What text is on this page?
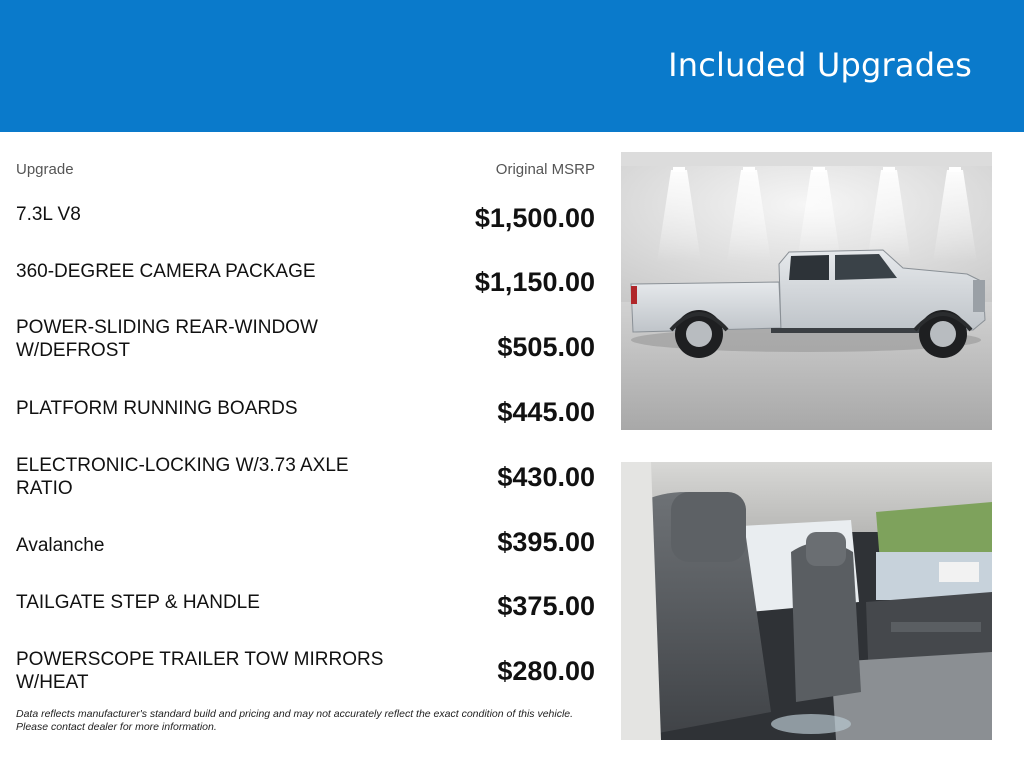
Included Upgrades
Upgrade	Original MSRP
7.3L V8	$1,500.00
360-DEGREE CAMERA PACKAGE	$1,150.00
POWER-SLIDING REAR-WINDOW W/DEFROST	$505.00
PLATFORM RUNNING BOARDS	$445.00
ELECTRONIC-LOCKING W/3.73 AXLE RATIO	$430.00
Avalanche	$395.00
TAILGATE STEP & HANDLE	$375.00
POWERSCOPE TRAILER TOW MIRRORS W/HEAT	$280.00
Data reflects manufacturer's standard build and pricing and may not accurately reflect the exact condition of this vehicle. Please contact dealer for more information.
